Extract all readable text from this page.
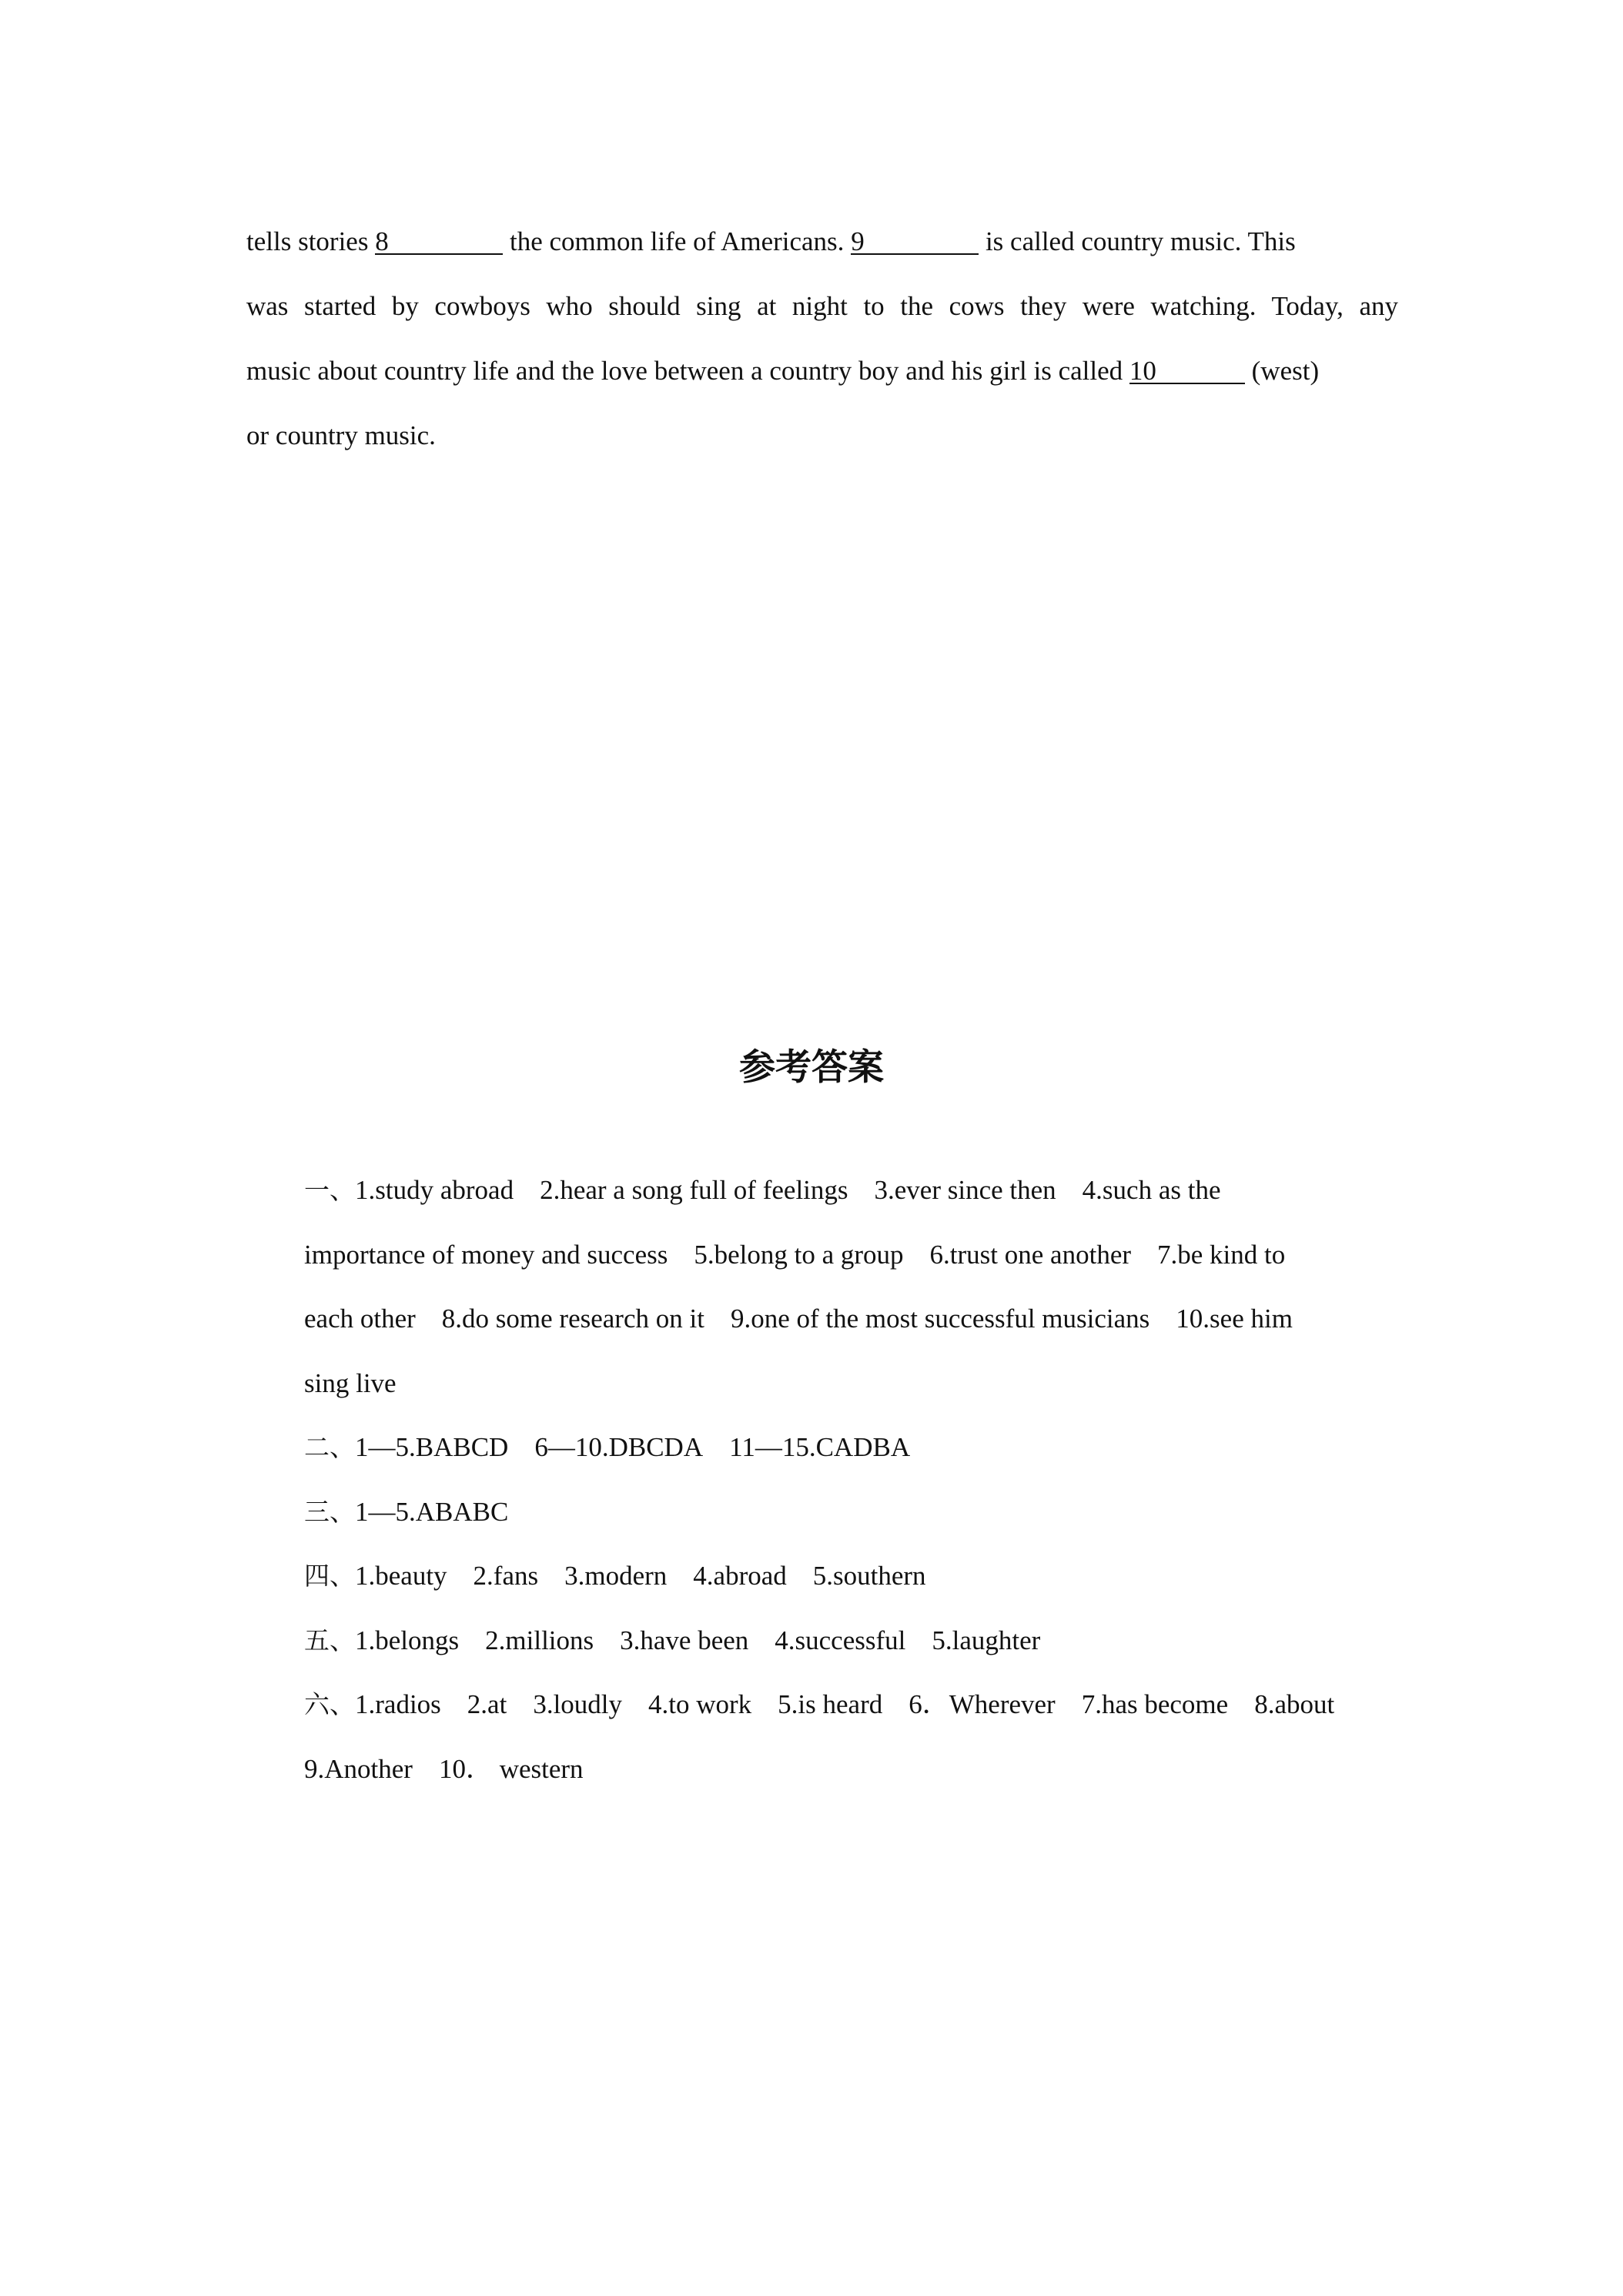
tells stories 8	the common life of Americans. 9	is called country music. This
was started by cowboys who should sing at night to the cows they were watching. Today, any
music about country life and the love between a country boy and his girl is called 10	(west)
or country music.
参考答案
一、1.study abroad 2.hear a song full of feelings 3.ever since then 4.such as the
importance of money and success 5.belong to a group 6.trust one another 7.be kind to
each other 8.do some research on it 9.one of the most successful musicians 10.see him
sing live
二、1—5.BABCD 6—10.DBCDA 11—15.CADBA
三、1—5.ABABC
四、1.beauty 2.fans 3.modern 4.abroad 5.southern
五、1.belongs 2.millions 3.have been 4.successful 5.laughter
六、1.radios 2.at 3.loudly 4.to work 5.is heard 6．Wherever 7.has become 8.about
9.Another 10． western
